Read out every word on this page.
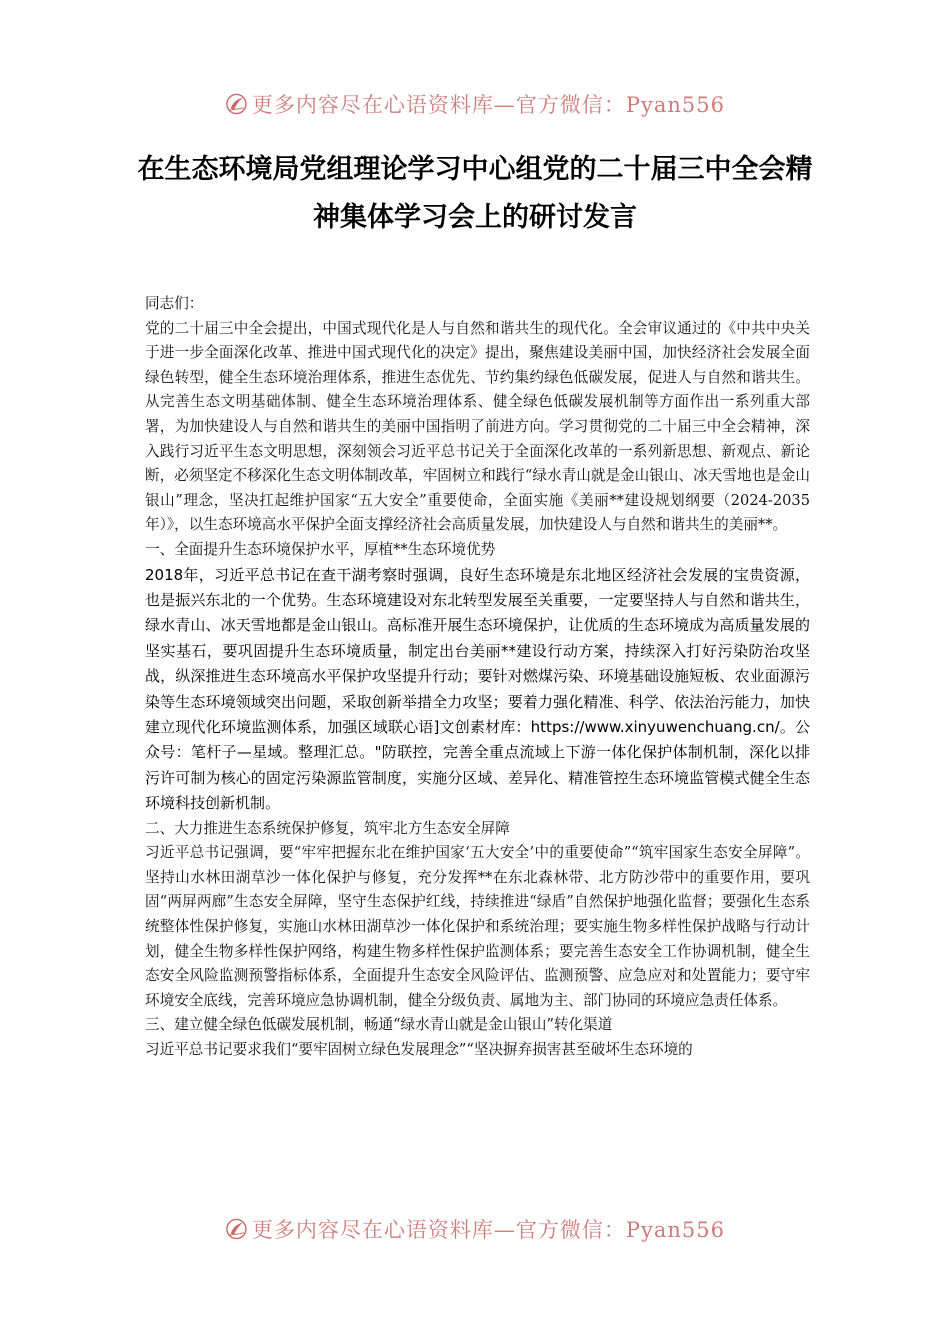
更多内容尽在心语资料库—官方微信：Pyan556
在生态环境局党组理论学习中心组党的二十届三中全会精神集体学习会上的研讨发言

同志们：

党的二十届三中全会提出，中国式现代化是人与自然和谐共生的现代化。全会审议通过的《中共中央关于进一步全面深化改革、推进中国式现代化的决定》提出，聚焦建设美丽中国，加快经济社会发展全面绿色转型，健全生态环境治理体系，推进生态优先、节约集约绿色低碳发展，促进人与自然和谐共生。从完善生态文明基础体制、健全生态环境治理体系、健全绿色低碳发展机制等方面作出一系列重大部署，为加快建设人与自然和谐共生的美丽中国指明了前进方向。学习贯彻党的二十届三中全会精神，深入践行习近平生态文明思想，深刻领会习近平总书记关于全面深化改革的一系列新思想、新观点、新论断，必须坚定不移深化生态文明体制改革，牢固树立和践行“绿水青山就是金山银山、冰天雪地也是金山银山”理念，坚决扛起维护国家“五大安全”重要使命，全面实施《美丽**建设规划纲要（2024-2035年）》，以生态环境高水平保护全面支撑经济社会高质量发展，加快建设人与自然和谐共生的美丽**。

一、全面提升生态环境保护水平，厚植**生态环境优势

2018年，习近平总书记在查干湖考察时强调，良好生态环境是东北地区经济社会发展的宝贵资源，也是振兴东北的一个优势。生态环境建设对东北转型发展至关重要，一定要坚持人与自然和谐共生，绿水青山、冰天雪地都是金山银山。高标准开展生态环境保护，让优质的生态环境成为高质量发展的坚实基石，要巩固提升生态环境质量，制定出台美丽**建设行动方案，持续深入打好污染防治攻坚战，纵深推进生态环境高水平保护攻坚提升行动；要针对燃煤污染、环境基础设施短板、农业面源污染等生态环境领域突出问题，采取创新举措全力攻坚；要着力强化精准、科学、依法治污能力，加快建立现代化环境监测体系，加强区域联心语]文创素材库：https://www.xinyuwenchuang.cn/。公众号：笔杆子—星域。整理汇总。"防联控，完善全重点流域上下游一体化保护体制机制，深化以排污许可制为核心的固定污染源监管制度，实施分区域、差异化、精准管控生态环境监管模式健全生态环境科技创新机制。

二、大力推进生态系统保护修复，筑牢北方生态安全屏障

习近平总书记强调，要“牢牢把握东北在维护国家‘五大安全’中的重要使命”“筑牢国家生态安全屏障”。坚持山水林田湖草沙一体化保护与修复，充分发挥**在东北森林带、北方防沙带中的重要作用，要巩固“两屏两廊”生态安全屏障，坚守生态保护红线，持续推进“绿盾”自然保护地强化监督；要强化生态系统整体性保护修复，实施山水林田湖草沙一体化保护和系统治理；要实施生物多样性保护战略与行动计划，健全生物多样性保护网络，构建生物多样性保护监测体系；要完善生态安全工作协调机制，健全生态安全风险监测预警指标体系，全面提升生态安全风险评估、监测预警、应急应对和处置能力；要守牢环境安全底线，完善环境应急协调机制，健全分级负责、属地为主、部门协同的环境应急责任体系。

三、建立健全绿色低碳发展机制，畅通“绿水青山就是金山银山”转化渠道

习近平总书记要求我们“要牢固树立绿色发展理念”“坚决摒弃损害甚至破坏生态环境的

更多内容尽在心语资料库—官方微信：Pyan556
